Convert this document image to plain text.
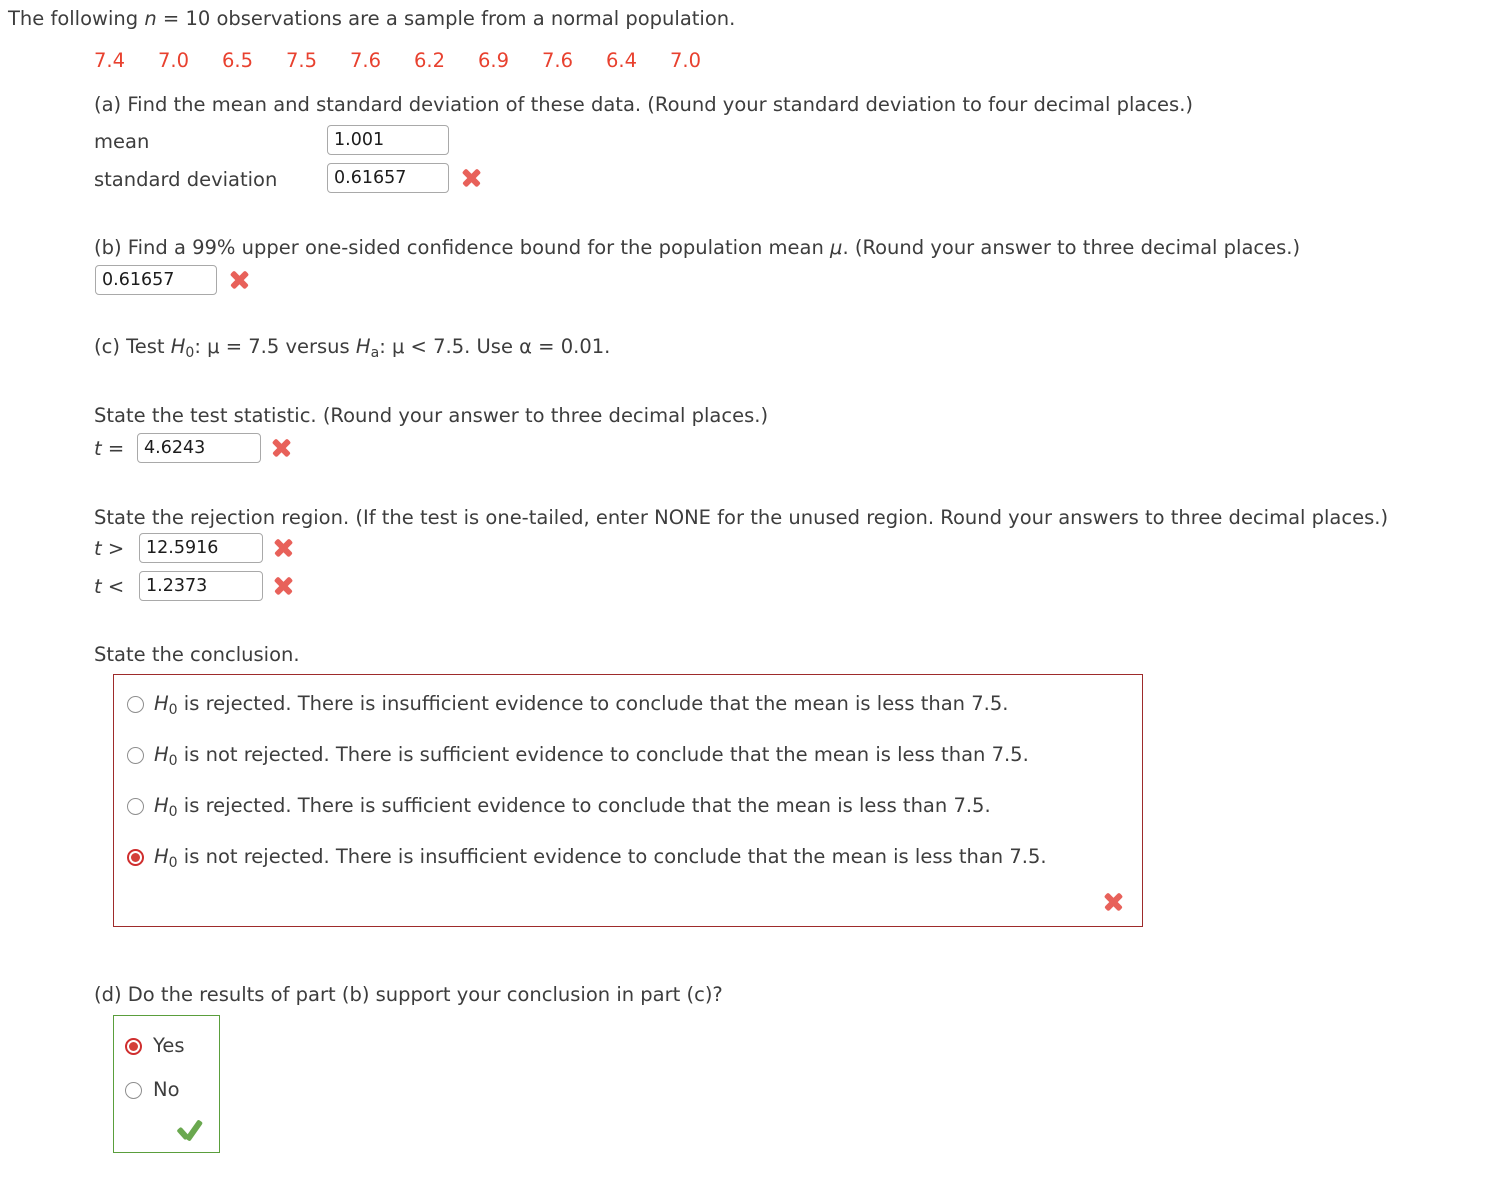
The following n = 10 observations are a sample from a normal population.
7.4 7.0 6.5 7.5 7.6 6.2 6.9 7.6 6.4 7.0
(a) Find the mean and standard deviation of these data. (Round your standard deviation to four decimal places.)
mean
1.001
standard deviation
0.61657
(b) Find a 99% upper one-sided confidence bound for the population mean μ. (Round your answer to three decimal places.)
0.61657
(c) Test $H_0$: μ = 7.5 versus $H_a$: μ < 7.5. Use α = 0.01.
State the test statistic. (Round your answer to three decimal places.)
t =
4.6243
State the rejection region. (If the test is one-tailed, enter NONE for the unused region. Round your answers to three decimal places.)
t >
12.5916
t <
1.2373
State the conclusion.
$H_0$ is rejected. There is insufficient evidence to conclude that the mean is less than 7.5.
$H_0$ is not rejected. There is sufficient evidence to conclude that the mean is less than 7.5.
$H_0$ is rejected. There is sufficient evidence to conclude that the mean is less than 7.5.
$H_0$ is not rejected. There is insufficient evidence to conclude that the mean is less than 7.5.
(d) Do the results of part (b) support your conclusion in part (c)?
Yes
No
